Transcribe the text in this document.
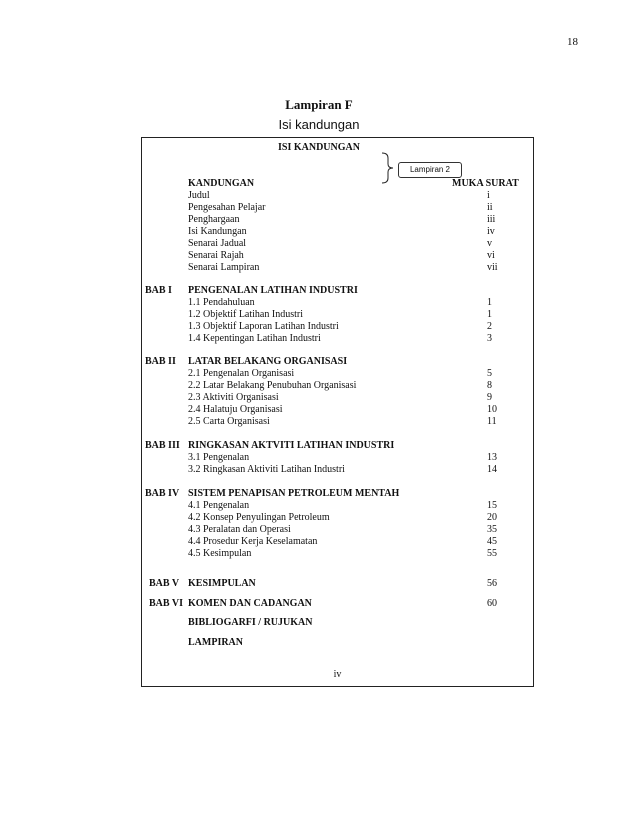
18
Lampiran F
Isi kandungan
ISI KANDUNGAN
Lampiran 2
KANDUNGAN	MUKA SURAT
Judul	i
Pengesahan Pelajar	ii
Penghargaan	iii
Isi Kandungan	iv
Senarai Jadual	v
Senarai Rajah	vi
Senarai Lampiran	vii
BAB I PENGENALAN LATIHAN INDUSTRI
1.1 Pendahuluan	1
1.2 Objektif Latihan Industri	1
1.3 Objektif Laporan Latihan Industri	2
1.4 Kepentingan Latihan Industri	3
BAB II LATAR BELAKANG ORGANISASI
2.1 Pengenalan Organisasi	5
2.2 Latar Belakang Penubuhan Organisasi	8
2.3 Aktiviti Organisasi	9
2.4 Halatuju Organisasi	10
2.5 Carta Organisasi	11
BAB III RINGKASAN AKTVITI LATIHAN INDUSTRI
3.1 Pengenalan	13
3.2 Ringkasan Aktiviti Latihan Industri	14
BAB IV SISTEM PENAPISAN PETROLEUM MENTAH
4.1 Pengenalan	15
4.2 Konsep Penyulingan Petroleum	20
4.3 Peralatan dan Operasi	35
4.4 Prosedur Kerja Keselamatan	45
4.5 Kesimpulan	55
BAB V KESIMPULAN	56
BAB VI KOMEN DAN CADANGAN	60
BIBLIOGARFI / RUJUKAN
LAMPIRAN
iv
